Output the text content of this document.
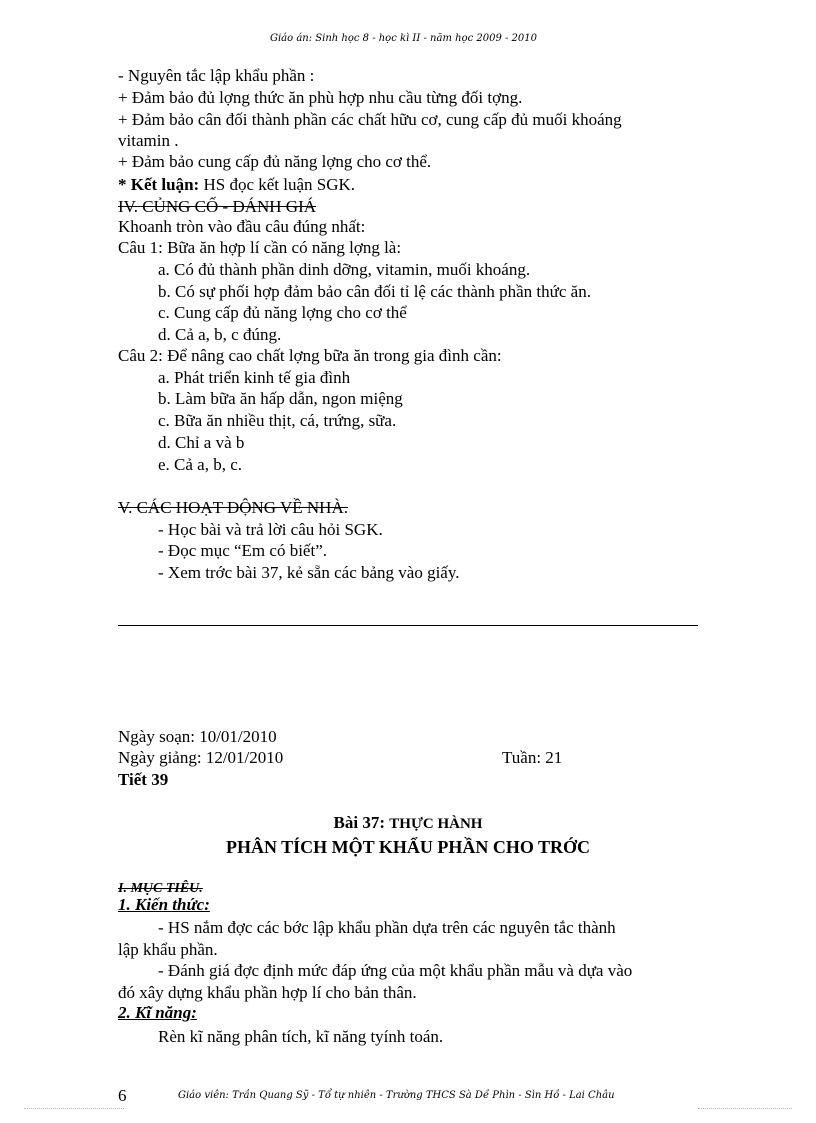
Giáo án: Sinh học 8 - học kì II - năm học 2009 - 2010
- Nguyên tắc lập khẩu phần :
+ Đảm bảo đủ lợng thức ăn phù hợp nhu cầu từng đối tợng.
+ Đảm bảo cân đối thành phần các chất hữu cơ, cung cấp đủ muối khoáng
vitamin .
+ Đảm bảo cung cấp đủ năng lợng cho cơ thể.
* Kết luận: HS đọc kết luận SGK.
IV. CỦNG CỐ - ĐÁNH GIÁ
Khoanh tròn vào đầu câu đúng nhất:
Câu 1: Bữa ăn hợp lí cần có năng lợng là:
a. Có đủ thành phần dinh dỡng, vitamin, muối khoáng.
b. Có sự phối hợp đảm bảo cân đối tỉ lệ các thành phần thức ăn.
c. Cung cấp đủ năng lợng cho cơ thể
d. Cả a, b, c đúng.
Câu 2: Để nâng cao chất lợng bữa ăn trong gia đình cần:
a. Phát triển kinh tế gia đình
b. Làm bữa ăn hấp dẫn, ngon miệng
c. Bữa ăn nhiều thịt, cá, trứng, sữa.
d. Chỉ a và b
e. Cả a, b, c.
V. CÁC HOẠT ĐỘNG VỀ NHÀ.
- Học bài và trả lời câu hỏi SGK.
- Đọc mục “Em có biết”.
- Xem trớc bài 37, kẻ sẵn các bảng vào giấy.
Ngày soạn: 10/01/2010
Ngày giảng: 12/01/2010	Tuần: 21
Tiết 39
Bài 37: THỰC HÀNH
PHÂN TÍCH MỘT KHẨU PHẦN CHO TRỚC
I. MỤC TIÊU.
1. Kiến thức:
- HS nắm đợc các bớc lập khẩu phần dựa trên các nguyên tắc thành
lập khẩu phần.
- Đánh giá đợc định mức đáp ứng của một khẩu phần mẫu và dựa vào
đó xây dựng khẩu phần hợp lí cho bản thân.
2. Kĩ năng:
Rèn kĩ năng phân tích, kĩ năng tyính toán.
6	Giáo viên: Trần Quang Sỹ - Tổ tự nhiên - Trường THCS Sà Dề Phìn - Sìn Hồ - Lai Châu
